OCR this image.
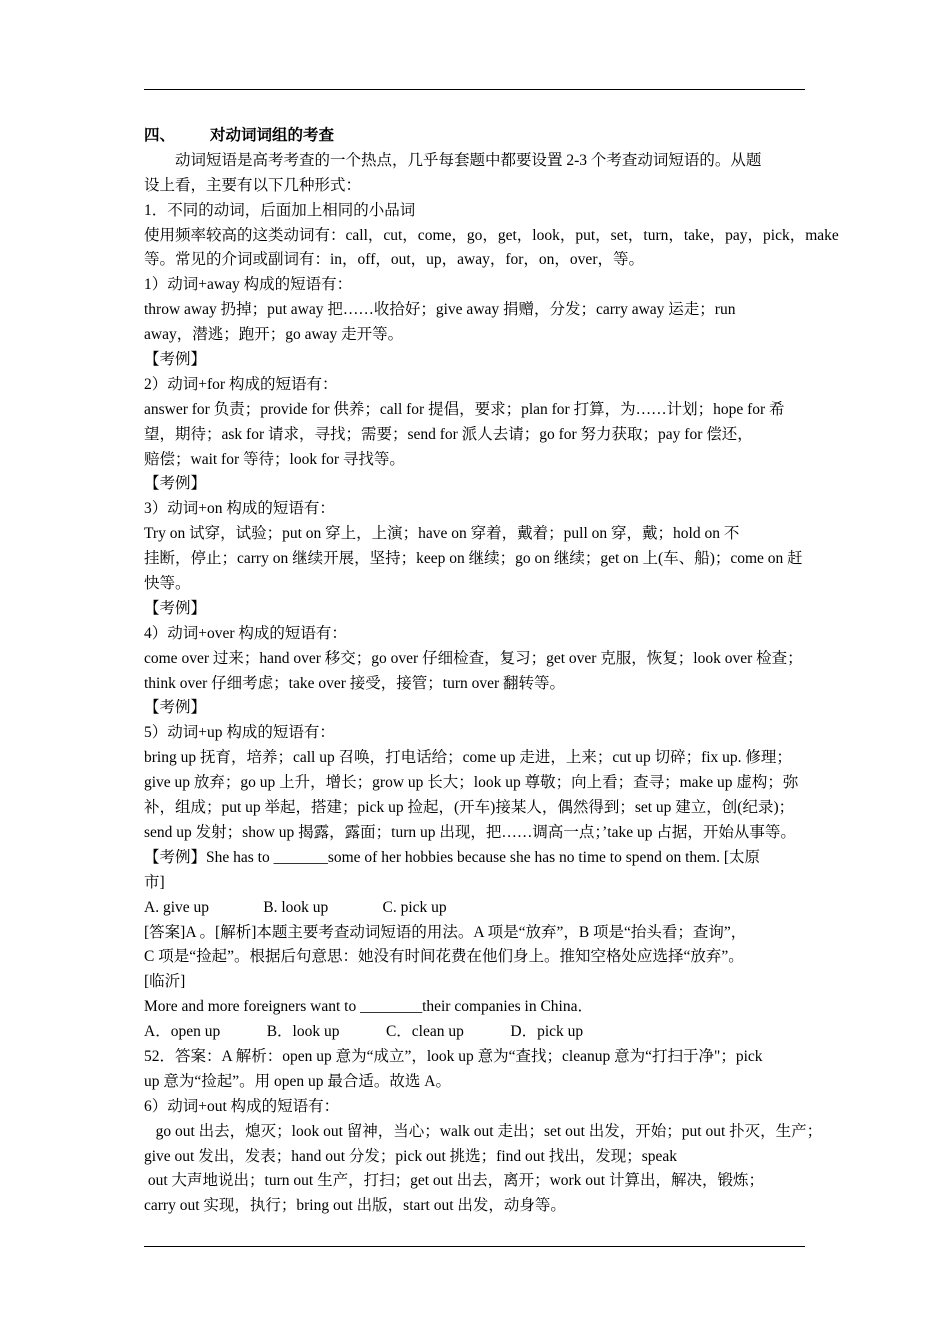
四、 对动词词组的考查
　　动词短语是高考考查的一个热点，几乎每套题中都要设置 2-3 个考查动词短语的。从题
设上看，主要有以下几种形式：
1．不同的动词，后面加上相同的小品词
使用频率较高的这类动词有：call，cut，come，go，get，look，put，set，turn，take，pay，pick，make
等。常见的介词或副词有：in，off，out，up，away，for，on，over，等。
1）动词+away 构成的短语有：
throw away 扔掉；put away 把……收拾好；give away 捐赠，分发；carry away 运走；run
away，潜逃；跑开；go away 走开等。
【考例】
2）动词+for 构成的短语有：
answer for 负责；provide for 供养；call for 提倡，要求；plan for 打算，为……计划；hope for 希
望，期待；ask for 请求，寻找；需要；send for 派人去请；go for 努力获取；pay for 偿还，
赔偿；wait for 等待；look for 寻找等。
【考例】
3）动词+on 构成的短语有：
Try on 试穿，试验；put on 穿上，上演；have on 穿着，戴着；pull on 穿，戴；hold on 不
挂断，停止；carry on 继续开展，坚持；keep on 继续；go on 继续；get on 上(车、船)；come on 赶
快等。
【考例】
4）动词+over 构成的短语有：
come over 过来；hand over 移交；go over 仔细检查，复习；get over 克服，恢复；look over 检查；
think over 仔细考虑；take over 接受，接管；turn over 翻转等。
【考例】
5）动词+up 构成的短语有：
bring up 抚育，培养；call up 召唤，打电话给；come up 走进，上来；cut up 切碎；fix up. 修理；
give up 放弃；go up 上升，增长；grow up 长大；look up 尊敬；向上看；查寻；make up 虚构；弥
补，组成；put up 举起，搭建；pick up 捡起，(开车)接某人，偶然得到；set up 建立，创(纪录)；
send up 发射；show up 揭露，露面；turn up 出现，把……调高一点；’take up 占据，开始从事等。
【考例】She has to _______some of her hobbies because she has no time to spend on them. [太原
市]
A. give up              B. look up              C. pick up
[答案]A 。[解析]本题主要考查动词短语的用法。A 项是“放弃”，B 项是“抬头看；查询”，
C 项是“捡起”。根据后句意思：她没有时间花费在他们身上。推知空格处应选择“放弃”。
[临沂]
More and more foreigners want to ________their companies in China．
A．open up            B．look up            C．clean up            D．pick up
52．答案：A 解析：open up 意为“成立”，look up 意为“查找；cleanup 意为“打扫于净"；pick
up 意为“捡起”。用 open up 最合适。故选 A。
6）动词+out 构成的短语有：
go out 出去，熄灭；look out 留神，当心；walk out 走出；set out 出发，开始；put out 扑灭，生产；
give out 发出，发表；hand out 分发；pick out 挑选；find out 找出，发现；speak
out 大声地说出；turn out 生产，打扫；get out 出去，离开；work out 计算出，解决，锻炼；
carry out 实现，执行；bring out 出版，start out 出发，动身等。
